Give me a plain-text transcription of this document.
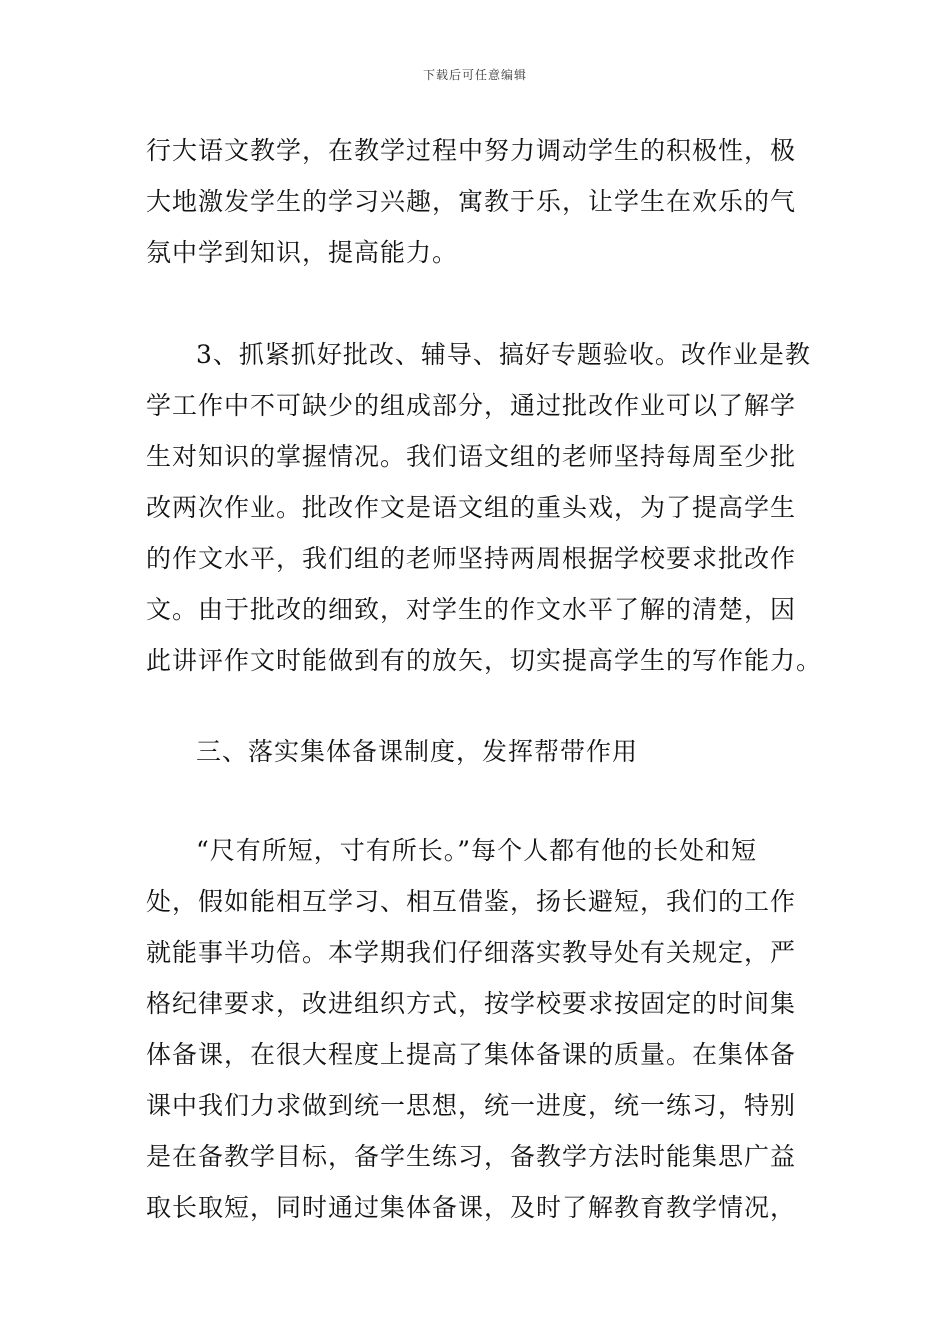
下载后可任意编辑
行大语文教学，在教学过程中努力调动学生的积极性，极
大地激发学生的学习兴趣，寓教于乐，让学生在欢乐的气
氛中学到知识，提高能力。
3、抓紧抓好批改、辅导、搞好专题验收。改作业是教
学工作中不可缺少的组成部分，通过批改作业可以了解学
生对知识的掌握情况。我们语文组的老师坚持每周至少批
改两次作业。批改作文是语文组的重头戏，为了提高学生
的作文水平，我们组的老师坚持两周根据学校要求批改作
文。由于批改的细致，对学生的作文水平了解的清楚，因
此讲评作文时能做到有的放矢，切实提高学生的写作能力。
三、落实集体备课制度，发挥帮带作用
“尺有所短，寸有所长。”每个人都有他的长处和短
处，假如能相互学习、相互借鉴，扬长避短，我们的工作
就能事半功倍。本学期我们仔细落实教导处有关规定，严
格纪律要求，改进组织方式，按学校要求按固定的时间集
体备课，在很大程度上提高了集体备课的质量。在集体备
课中我们力求做到统一思想，统一进度，统一练习，特别
是在备教学目标，备学生练习，备教学方法时能集思广益
取长取短，同时通过集体备课，及时了解教育教学情况，
